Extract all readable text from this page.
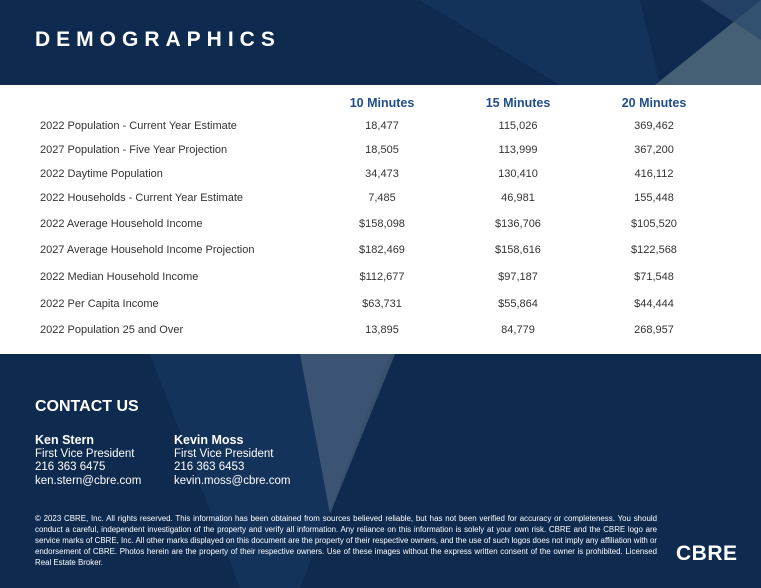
DEMOGRAPHICS
10 Minutes	15 Minutes	20 Minutes
2022 Population - Current Year Estimate	18,477	115,026	369,462
2027 Population - Five Year Projection	18,505	113,999	367,200
2022 Daytime Population	34,473	130,410	416,112
2022 Households - Current Year Estimate	7,485	46,981	155,448
2022 Average Household Income	$158,098	$136,706	$105,520
2027 Average Household Income Projection	$182,469	$158,616	$122,568
2022 Median Household Income	$112,677	$97,187	$71,548
2022 Per Capita Income	$63,731	$55,864	$44,444
2022 Population 25 and Over	13,895	84,779	268,957
CONTACT US
Ken Stern
First Vice President
216 363 6475
ken.stern@cbre.com
Kevin Moss
First Vice President
216 363 6453
kevin.moss@cbre.com
© 2023 CBRE, Inc. All rights reserved. This information has been obtained from sources believed reliable, but has not been verified for accuracy or completeness. You should conduct a careful, independent investigation of the property and verify all information. Any reliance on this information is solely at your own risk. CBRE and the CBRE logo are service marks of CBRE, Inc. All other marks displayed on this document are the property of their respective owners, and the use of such logos does not imply any affiliation with or endorsement of CBRE. Photos herein are the property of their respective owners. Use of these images without the express written consent of the owner is prohibited. Licensed Real Estate Broker.	CBRE
